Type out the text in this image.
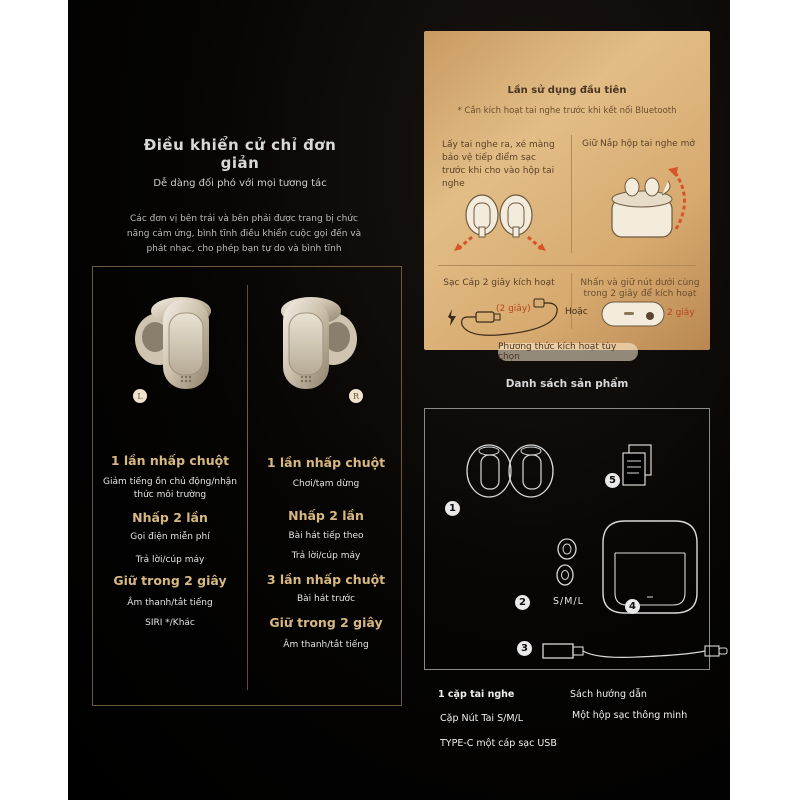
Điều khiển cử chỉ đơn giản
Dễ dàng đối phó với mọi tương tác
Các đơn vị bên trái và bên phải được trang bị chức năng cảm ứng, bình tĩnh điều khiển cuộc gọi đến và phát nhạc, cho phép bạn tự do và bình tĩnh
L	R
1 lần nhấp chuột
Giảm tiếng ồn chủ động/nhận thức môi trường
Nhấp 2 lần
Gọi điện miễn phí
Trả lời/cúp máy
Giữ trong 2 giây
Âm thanh/tắt tiếng
SIRI */Khác
1 lần nhấp chuột
Chơi/tạm dừng
Nhấp 2 lần
Bài hát tiếp theo
Trả lời/cúp máy
3 lần nhấp chuột
Bài hát trước
Giữ trong 2 giây
Âm thanh/tắt tiếng
Lần sử dụng đầu tiên
* Cần kích hoạt tai nghe trước khi kết nối Bluetooth
Lấy tai nghe ra, xé màng bảo vệ tiếp điểm sạc trước khi cho vào hộp tai nghe
Giữ Nắp hộp tai nghe mở
Sạc Cáp 2 giây kích hoạt
(2 giây)
Nhấn và giữ nút dưới cùng trong 2 giây để kích hoạt
Hoặc	2 giây
Phương thức kích hoạt tùy chọn
Danh sách sản phẩm
1
5
2	S/M/L	4
3
1 cặp tai nghe	Sách hướng dẫn
Cặp Nút Tai S/M/L	Một hộp sạc thông minh
TYPE-C một cáp sạc USB
